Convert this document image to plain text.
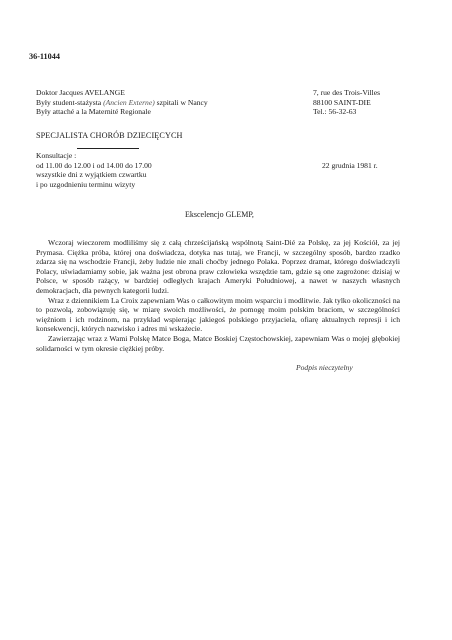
36-11044
Doktor Jacques AVELANGE
Były student-stażysta (Ancien Externe) szpitali w Nancy
Były attaché a la Maternité Regionale
7, rue des Trois-Villes
88100 SAINT-DIE
Tel.: 56-32-63
SPECJALISTA CHORÓB DZIECIĘCYCH
Konsultacje :
od 11.00 do 12.00 i od 14.00 do 17.00
wszystkie dni z wyjątkiem czwartku
i po uzgodnieniu terminu wizyty
22 grudnia 1981 r.
Ekscelencjo GLEMP,

Wczoraj wieczorem modliliśmy się z całą chrześcijańską wspólnotą Saint-Dié za Polskę, za jej Kościół, za jej Prymasa. Ciężka próba, której ona doświadcza, dotyka nas tutaj, we Francji, w szczególny sposób, bardzo rzadko zdarza się na wschodzie Francji, żeby ludzie nie znali choćby jednego Polaka. Poprzez dramat, którego doświadczyli Polacy, uświadamiamy sobie, jak ważna jest obrona praw człowieka wszędzie tam, gdzie są one zagrożone: dzisiaj w Polsce, w sposób rażący, w bardziej odległych krajach Ameryki Południowej, a nawet w naszych własnych demokracjach, dla pewnych kategorii ludzi.

Wraz z dziennikiem La Croix zapewniam Was o całkowitym moim wsparciu i modlitwie. Jak tylko okoliczności na to pozwolą, zobowiązuję się, w miarę swoich możliwości, że pomogę moim polskim braciom, w szczególności więźniom i ich rodzinom, na przykład wspierając jakiegoś polskiego przyjaciela, ofiarę aktualnych represji i ich konsekwencji, których nazwisko i adres mi wskażecie.

Zawierzając wraz z Wami Polskę Matce Boga, Matce Boskiej Częstochowskiej, zapewniam Was o mojej głębokiej solidarności w tym okresie ciężkiej próby.

Podpis nieczytelny
